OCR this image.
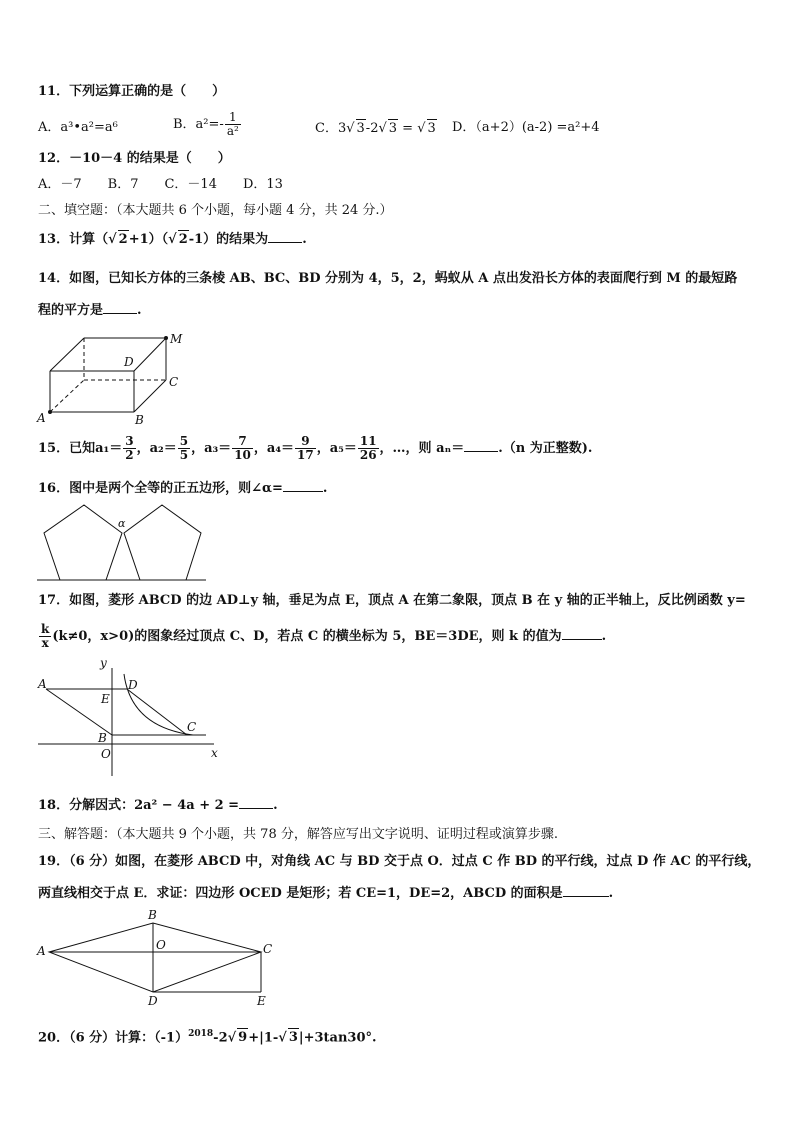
11．下列运算正确的是（　　）
A．a³•a²=a⁶	B．$a^2=- \frac{1}{\text{a²}}$	C．3√ 3-2√ 3 = √ 3 D．（a+2）(a-2) =a²+4
12．－10－4 的结果是（　　）
A．－7　　B．7　　C．－14　　D．13
二、填空题：（本大题共 6 个小题，每小题 4 分，共 24 分.）
13．计算（√ 2+1）（√ 2-1）的结果为	.
14．如图，已知长方体的三条棱 AB、BC、BD 分别为 4，5，2，蚂蚁从 A 点出发沿长方体的表面爬行到 M 的最短路
程的平方是	.
D
M
C
A	B
15．已知$a_1= \frac{3}{2}$ ，$a_2= \frac{5}{5}$ ，$a_3= \frac{7}{10}$ ，$a_4= \frac{9}{17}$ ，$a_5= \frac{11}{26}$ ，…，则 aₙ＝	.（n 为正整数).
16．图中是两个全等的正五边形，则∠α=	.
α
17．如图，菱形 ABCD 的边 AD⊥y 轴，垂足为点 E，顶点 A 在第二象限，顶点 B 在 y 轴的正半轴上，反比例函数 y=
$\frac{k}{x} (k\ne 0$，x>0)的图象经过顶点 C、D，若点 C 的横坐标为 5，BE＝3DE，则 k 的值为	.
y
A	D
E
C
B
O	x
18．分解因式：2a² − 4a + 2 =	.
三、解答题：（本大题共 9 个小题，共 78 分，解答应写出文字说明、证明过程或演算步骤.
19．（6 分）如图，在菱形 ABCD 中，对角线 AC 与 BD 交于点 O．过点 C 作 BD 的平行线，过点 D 作 AC 的平行线，
两直线相交于点 E．求证：四边形 OCED 是矩形；若 CE=1，DE=2，ABCD 的面积是	.
B
O
A	C
D	E
20．（6 分）计算：$(-1)^{2018}-2√$ 9+|1-√ 3|+3tan30°.
